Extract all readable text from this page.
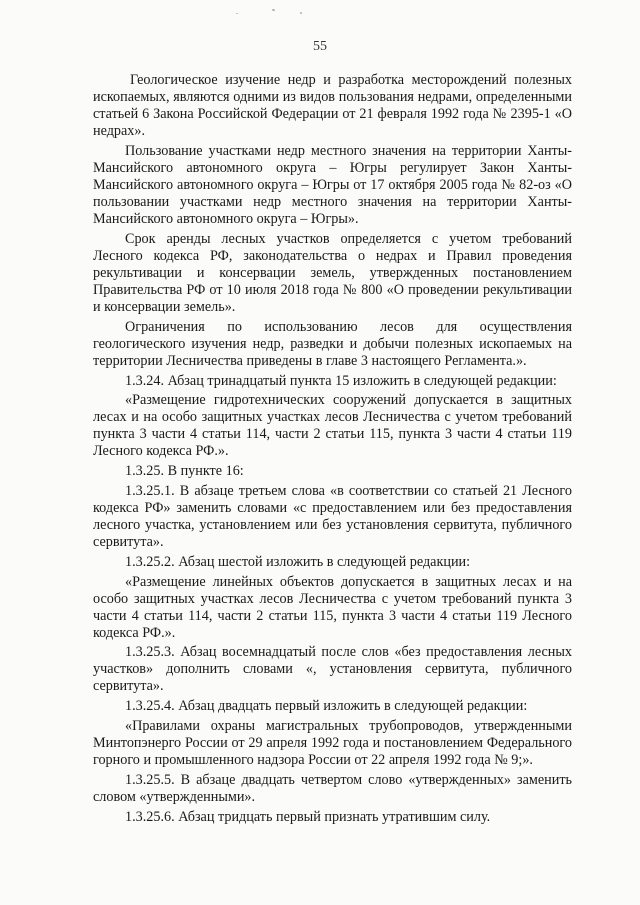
55

Геологическое изучение недр и разработка месторождений полезных ископаемых, являются одними из видов пользования недрами, определенными статьей 6 Закона Российской Федерации от 21 февраля 1992 года № 2395-1 «О недрах».

Пользование участками недр местного значения на территории Ханты-Мансийского автономного округа – Югры регулирует Закон Ханты-Мансийского автономного округа – Югры от 17 октября 2005 года № 82-оз «О пользовании участками недр местного значения на территории Ханты-Мансийского автономного округа – Югры».

Срок аренды лесных участков определяется с учетом требований Лесного кодекса РФ, законодательства о недрах и Правил проведения рекультивации и консервации земель, утвержденных постановлением Правительства РФ от 10 июля 2018 года № 800 «О проведении рекультивации и консервации земель».

Ограничения по использованию лесов для осуществления геологического изучения недр, разведки и добычи полезных ископаемых на территории Лесничества приведены в главе 3 настоящего Регламента.».

1.3.24. Абзац тринадцатый пункта 15 изложить в следующей редакции:

«Размещение гидротехнических сооружений допускается в защитных лесах и на особо защитных участках лесов Лесничества с учетом требований пункта 3 части 4 статьи 114, части 2 статьи 115, пункта 3 части 4 статьи 119 Лесного кодекса РФ.».

1.3.25. В пункте 16:

1.3.25.1. В абзаце третьем слова «в соответствии со статьей 21 Лесного кодекса РФ» заменить словами «с предоставлением или без предоставления лесного участка, установлением или без установления сервитута, публичного сервитута».

1.3.25.2. Абзац шестой изложить в следующей редакции:

«Размещение линейных объектов допускается в защитных лесах и на особо защитных участках лесов Лесничества с учетом требований пункта 3 части 4 статьи 114, части 2 статьи 115, пункта 3 части 4 статьи 119 Лесного кодекса РФ.».

1.3.25.3. Абзац восемнадцатый после слов «без предоставления лесных участков» дополнить словами «, установления сервитута, публичного сервитута».

1.3.25.4. Абзац двадцать первый изложить в следующей редакции:

«Правилами охраны магистральных трубопроводов, утвержденными Минтопэнерго России от 29 апреля 1992 года и постановлением Федерального горного и промышленного надзора России от 22 апреля 1992 года № 9;».

1.3.25.5. В абзаце двадцать четвертом слово «утвержденных» заменить словом «утвержденными».

1.3.25.6. Абзац тридцать первый признать утратившим силу.
